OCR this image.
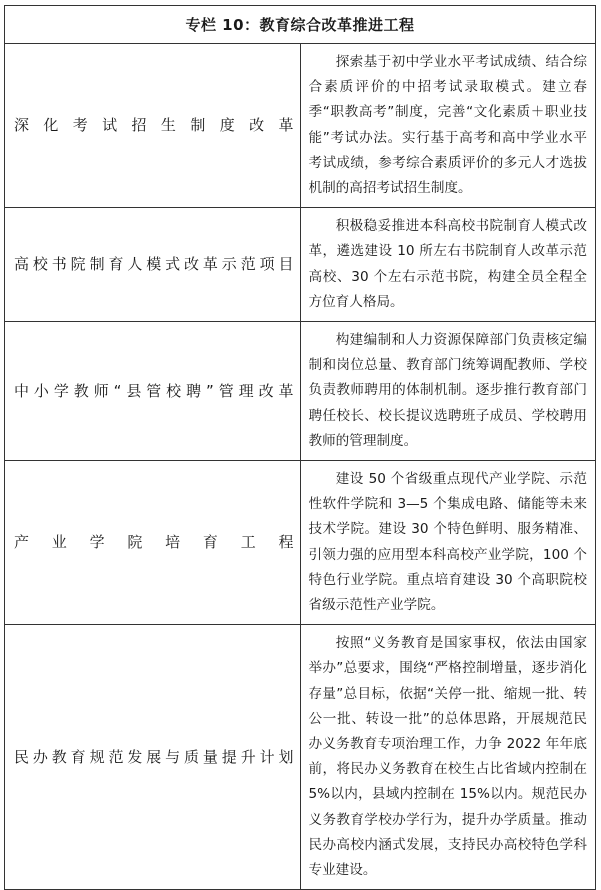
专栏 10：教育综合改革推进工程	
深化考试招生制度改革	探索基于初中学业水平考试成绩、结合综合素质评价的中招考试录取模式。建立春季“职教高考”制度，完善“文化素质＋职业技能”考试办法。实行基于高考和高中学业水平考试成绩，参考综合素质评价的多元人才选拔机制的高招考试招生制度。
高校书院制育人模式改革示范项目	积极稳妥推进本科高校书院制育人模式改革，遴选建设 10 所左右书院制育人改革示范高校、30 个左右示范书院，构建全员全程全方位育人格局。
中小学教师“县管校聘”管理改革	构建编制和人力资源保障部门负责核定编制和岗位总量、教育部门统筹调配教师、学校负责教师聘用的体制机制。逐步推行教育部门聘任校长、校长提议选聘班子成员、学校聘用教师的管理制度。
产业学院培育工程	建设 50 个省级重点现代产业学院、示范性软件学院和 3—5 个集成电路、储能等未来技术学院。建设 30 个特色鲜明、服务精准、引领力强的应用型本科高校产业学院，100 个特色行业学院。重点培育建设 30 个高职院校省级示范性产业学院。
民办教育规范发展与质量提升计划	按照“义务教育是国家事权，依法由国家举办”总要求，围绕“严格控制增量，逐步消化存量”总目标，依据“关停一批、缩规一批、转公一批、转设一批”的总体思路，开展规范民办义务教育专项治理工作，力争 2022 年年底前，将民办义务教育在校生占比省域内控制在 5%以内，县域内控制在 15%以内。规范民办义务教育学校办学行为，提升办学质量。推动民办高校内涵式发展，支持民办高校特色学科专业建设。
